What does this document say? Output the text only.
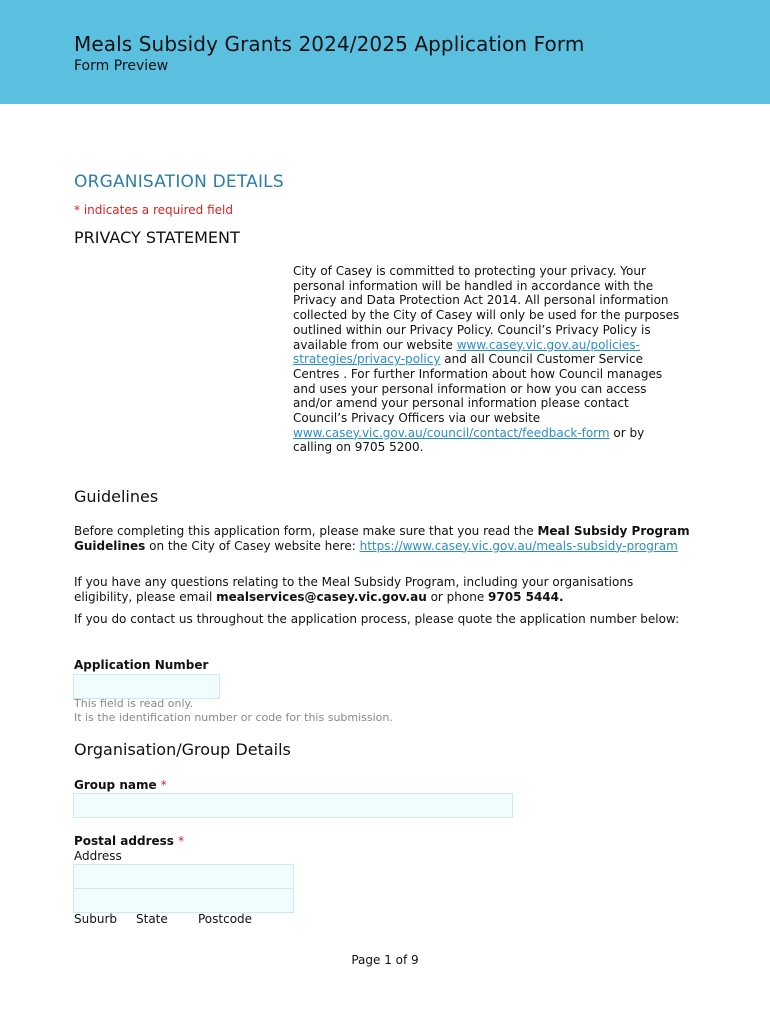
Meals Subsidy Grants 2024/2025 Application Form
Form Preview
ORGANISATION DETAILS
* indicates a required field
PRIVACY STATEMENT
City of Casey is committed to protecting your privacy. Your personal information will be handled in accordance with the Privacy and Data Protection Act 2014. All personal information collected by the City of Casey will only be used for the purposes outlined within our Privacy Policy. Council’s Privacy Policy is available from our website www.casey.vic.gov.au/policies-strategies/privacy-policy and all Council Customer Service Centres . For further Information about how Council manages and uses your personal information or how you can access and/or amend your personal information please contact Council’s Privacy Officers via our website www.casey.vic.gov.au/council/contact/feedback-form or by calling on 9705 5200.
Guidelines
Before completing this application form, please make sure that you read the Meal Subsidy Program Guidelines on the City of Casey website here: https://www.casey.vic.gov.au/meals-subsidy-program
If you have any questions relating to the Meal Subsidy Program, including your organisations eligibility, please email mealservices@casey.vic.gov.au or phone 9705 5444.
If you do contact us throughout the application process, please quote the application number below:
Application Number
This field is read only.
It is the identification number or code for this submission.
Organisation/Group Details
Group name *
Postal address *
Address
Suburb State	Postcode
Page 1 of 9
